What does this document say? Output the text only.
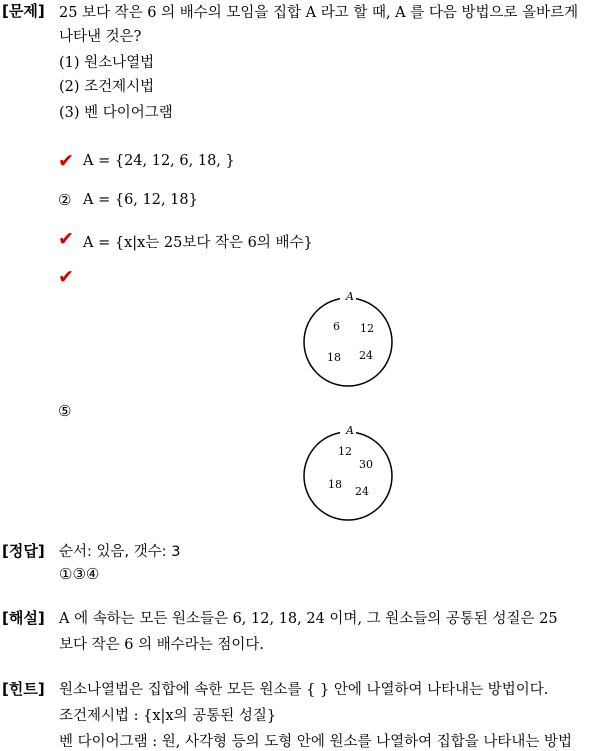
[문제] 25 보다 작은 6 의 배수의 모임을 집합 A 라고 할 때, A 를 다음 방법으로 올바르게
나타낸 것은?
(1) 원소나열법
(2) 조건제시법
(3) 벤 다이어그램
✔ A = {24, 12, 6, 18, }
② A = {6, 12, 18}
✔ A = {x|x는 25보다 작은 6의 배수}
✔
A
6 12
18 24
⑤
A
12
30
18
24
[정답] 순서: 있음, 갯수: 3
①③④
[해설] A 에 속하는 모든 원소들은 6, 12, 18, 24 이며, 그 원소들의 공통된 성질은 25
보다 작은 6 의 배수라는 점이다.
[힌트] 원소나열법은 집합에 속한 모든 원소를 { } 안에 나열하여 나타내는 방법이다.
조건제시법 : {x|x의 공통된 성질}
벤 다이어그램 : 원, 사각형 등의 도형 안에 원소를 나열하여 집합을 나타내는 방법
